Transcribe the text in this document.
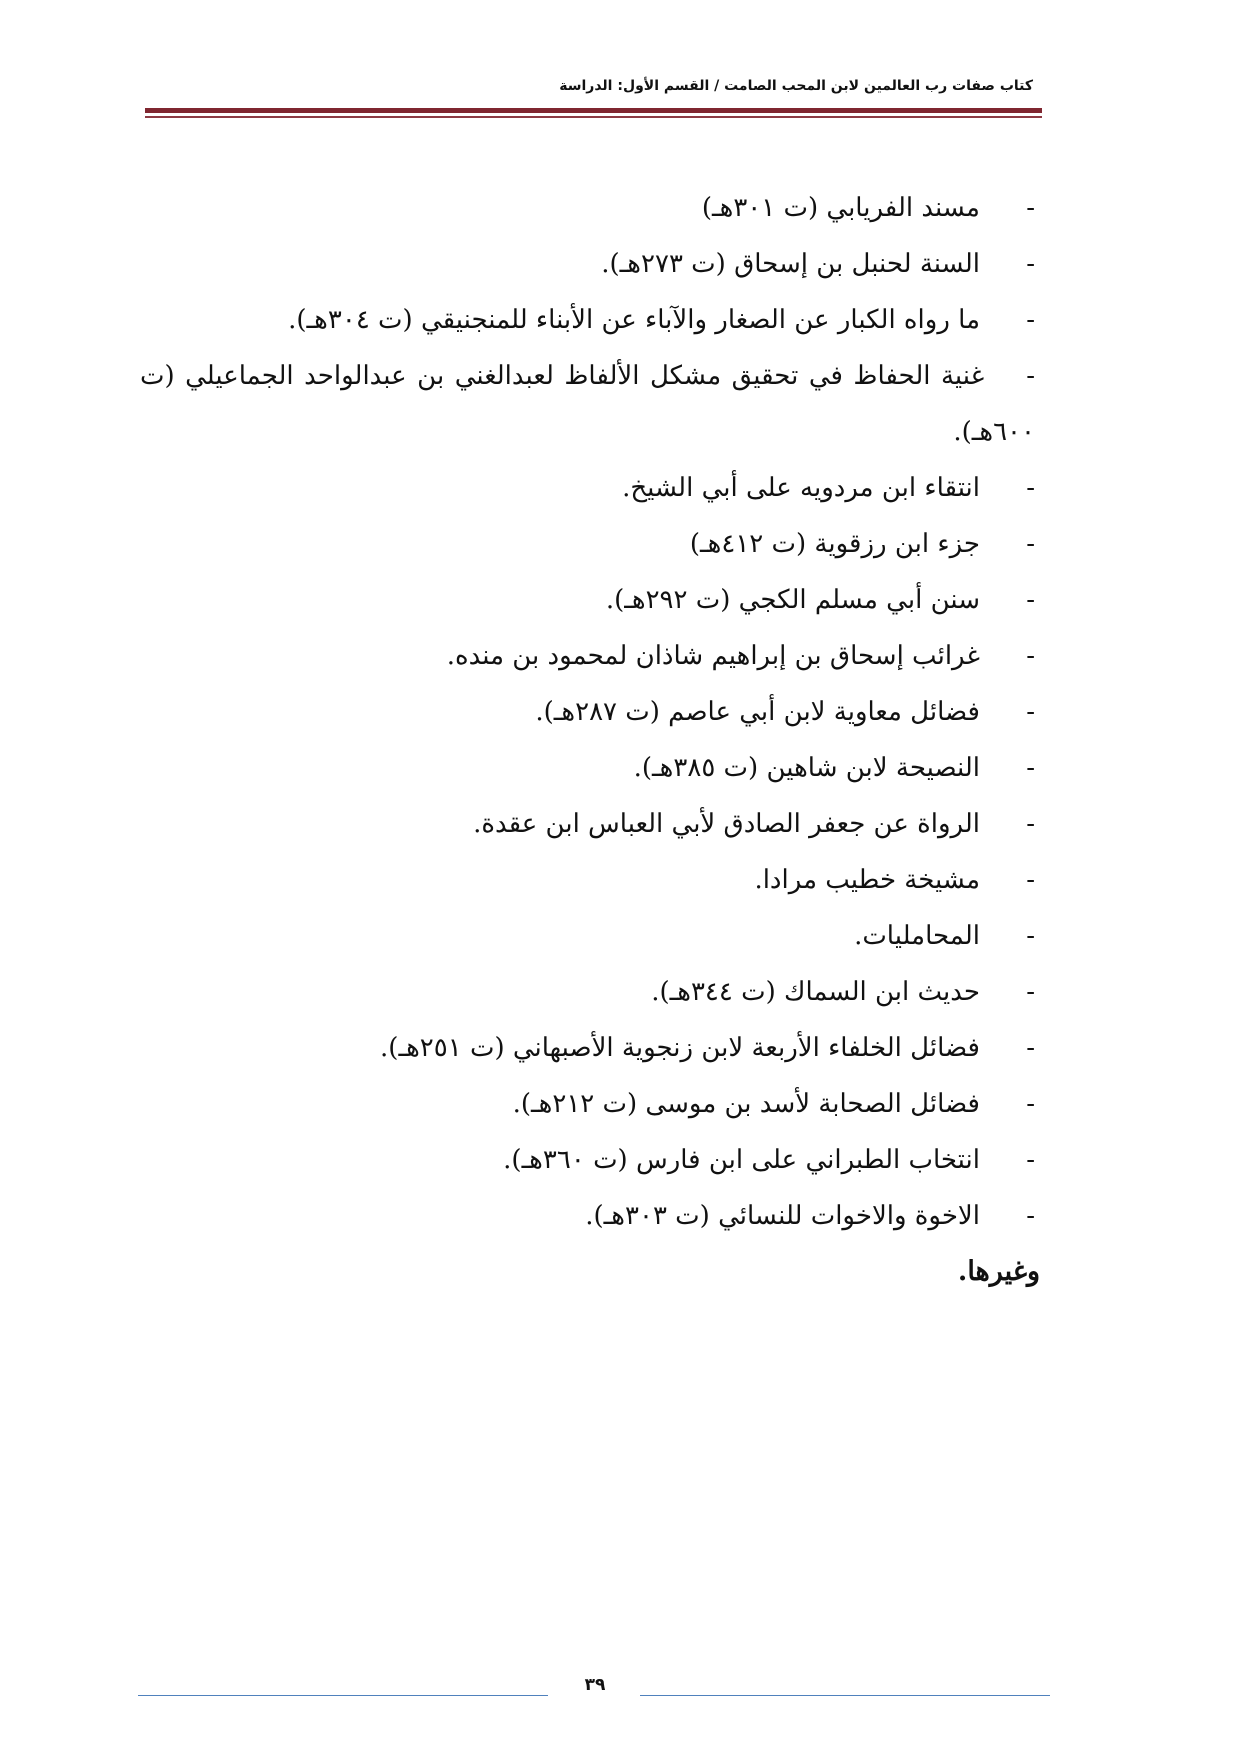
كتاب صفات رب العالمين لابن المحب الصامت / القسم الأول: الدراسة
-
مسند الفريابي (ت ٣٠١هـ)
-
السنة لحنبل بن إسحاق (ت ٢٧٣هـ).
-
ما رواه الكبار عن الصغار والآباء عن الأبناء للمنجنيقي (ت ٣٠٤هـ).
-غنية الحفاظ في تحقيق مشكل الألفاظ لعبدالغني بن عبدالواحد الجماعيلي (ت ٦٠٠هـ).
-
انتقاء ابن مردويه على أبي الشيخ.
-
جزء ابن رزقوية (ت ٤١٢هـ)
-
سنن أبي مسلم الكجي (ت ٢٩٢هـ).
-
غرائب إسحاق بن إبراهيم شاذان لمحمود بن منده.
-
فضائل معاوية لابن أبي عاصم (ت ٢٨٧هـ).
-
النصيحة لابن شاهين (ت ٣٨٥هـ).
-
الرواة عن جعفر الصادق لأبي العباس ابن عقدة.
-
مشيخة خطيب مرادا.
-
المحامليات.
-
حديث ابن السماك (ت ٣٤٤هـ).
-
فضائل الخلفاء الأربعة لابن زنجوية الأصبهاني (ت ٢٥١هـ).
-
فضائل الصحابة لأسد بن موسى (ت ٢١٢هـ).
-
انتخاب الطبراني على ابن فارس (ت ٣٦٠هـ).
-
الاخوة والاخوات للنسائي (ت ٣٠٣هـ).
وغيرها.
٣٩
